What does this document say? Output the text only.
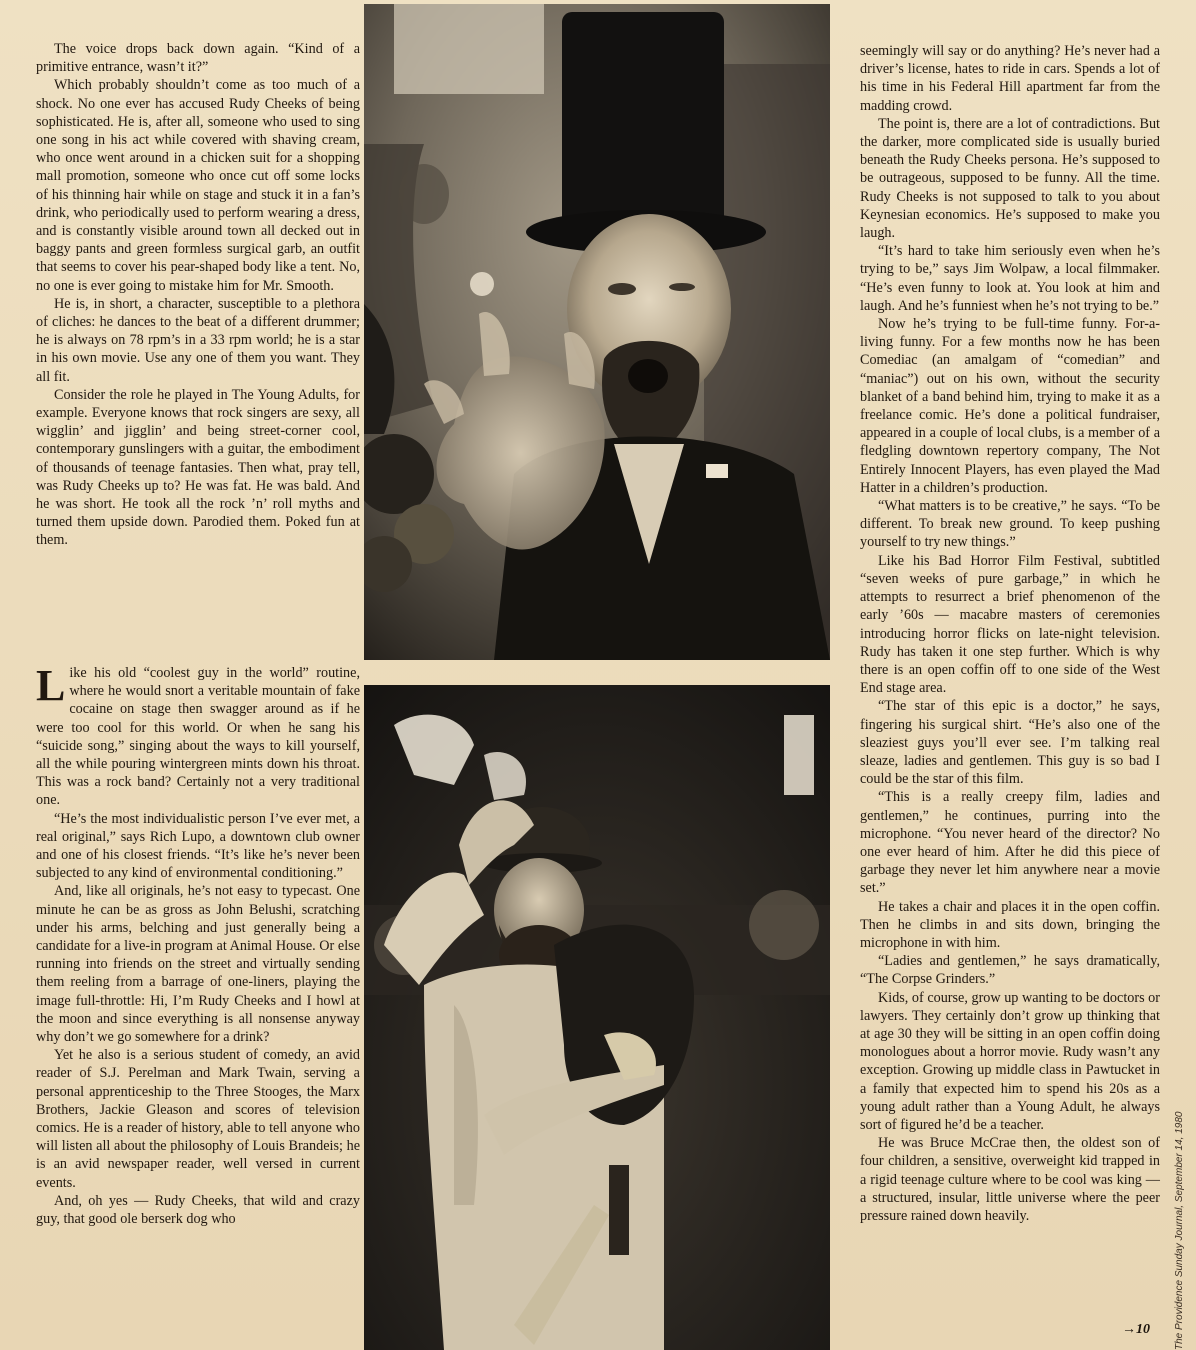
The voice drops back down again. “Kind of a primitive entrance, wasn’t it?”

Which probably shouldn’t come as too much of a shock. No one ever has accused Rudy Cheeks of being sophisticated. He is, after all, someone who used to sing one song in his act while covered with shaving cream, who once went around in a chicken suit for a shopping mall promotion, someone who once cut off some locks of his thinning hair while on stage and stuck it in a fan’s drink, who periodically used to perform wearing a dress, and is constantly visible around town all decked out in baggy pants and green formless surgical garb, an outfit that seems to cover his pear-shaped body like a tent. No, no one is ever going to mistake him for Mr. Smooth.

He is, in short, a character, susceptible to a plethora of cliches: he dances to the beat of a different drummer; he is always on 78 rpm’s in a 33 rpm world; he is a star in his own movie. Use any one of them you want. They all fit.

Consider the role he played in The Young Adults, for example. Everyone knows that rock singers are sexy, all wigglin’ and jigglin’ and being street-corner cool, contemporary gunslingers with a guitar, the embodiment of thousands of teenage fantasies. Then what, pray tell, was Rudy Cheeks up to? He was fat. He was bald. And he was short. He took all the rock ’n’ roll myths and turned them upside down. Parodied them. Poked fun at them.

Like his old “coolest guy in the world” routine, where he would snort a veritable mountain of fake cocaine on stage then swagger around as if he were too cool for this world. Or when he sang his “suicide song,” singing about the ways to kill yourself, all the while pouring wintergreen mints down his throat. This was a rock band? Certainly not a very traditional one.

“He’s the most individualistic person I’ve ever met, a real original,” says Rich Lupo, a downtown club owner and one of his closest friends. “It’s like he’s never been subjected to any kind of environmental conditioning.”

And, like all originals, he’s not easy to typecast. One minute he can be as gross as John Belushi, scratching under his arms, belching and just generally being a candidate for a live-in program at Animal House. Or else running into friends on the street and virtually sending them reeling from a barrage of one-liners, playing the image full-throttle: Hi, I’m Rudy Cheeks and I howl at the moon and since everything is all nonsense anyway why don’t we go somewhere for a drink?

Yet he also is a serious student of comedy, an avid reader of S.J. Perelman and Mark Twain, serving a personal apprenticeship to the Three Stooges, the Marx Brothers, Jackie Gleason and scores of television comics. He is a reader of history, able to tell anyone who will listen all about the philosophy of Louis Brandeis; he is an avid newspaper reader, well versed in current events.

And, oh yes — Rudy Cheeks, that wild and crazy guy, that good ole berserk dog who

seemingly will say or do anything? He’s never had a driver’s license, hates to ride in cars. Spends a lot of his time in his Federal Hill apartment far from the madding crowd.

The point is, there are a lot of contradictions. But the darker, more complicated side is usually buried beneath the Rudy Cheeks persona. He’s supposed to be outrageous, supposed to be funny. All the time. Rudy Cheeks is not supposed to talk to you about Keynesian economics. He’s supposed to make you laugh.

“It’s hard to take him seriously even when he’s trying to be,” says Jim Wolpaw, a local filmmaker. “He’s even funny to look at. You look at him and laugh. And he’s funniest when he’s not trying to be.”

Now he’s trying to be full-time funny. For-a-living funny. For a few months now he has been Comediac (an amalgam of “comedian” and “maniac”) out on his own, without the security blanket of a band behind him, trying to make it as a freelance comic. He’s done a political fundraiser, appeared in a couple of local clubs, is a member of a fledgling downtown repertory company, The Not Entirely Innocent Players, has even played the Mad Hatter in a children’s production.

“What matters is to be creative,” he says. “To be different. To break new ground. To keep pushing yourself to try new things.”

Like his Bad Horror Film Festival, subtitled “seven weeks of pure garbage,” in which he attempts to resurrect a brief phenomenon of the early ’60s — macabre masters of ceremonies introducing horror flicks on late-night television. Rudy has taken it one step further. Which is why there is an open coffin off to one side of the West End stage area.

“The star of this epic is a doctor,” he says, fingering his surgical shirt. “He’s also one of the sleaziest guys you’ll ever see. I’m talking real sleaze, ladies and gentlemen. This guy is so bad I could be the star of this film.

“This is a really creepy film, ladies and gentlemen,” he continues, purring into the microphone. “You never heard of the director? No one ever heard of him. After he did this piece of garbage they never let him anywhere near a movie set.”

He takes a chair and places it in the open coffin. Then he climbs in and sits down, bringing the microphone in with him.

“Ladies and gentlemen,” he says dramatically, “The Corpse Grinders.”

Kids, of course, grow up wanting to be doctors or lawyers. They certainly don’t grow up thinking that at age 30 they will be sitting in an open coffin doing monologues about a horror movie. Rudy wasn’t any exception. Growing up middle class in Pawtucket in a family that expected him to spend his 20s as a young adult rather than a Young Adult, he always sort of figured he’d be a teacher.

He was Bruce McCrae then, the oldest son of four children, a sensitive, overweight kid trapped in a rigid teenage culture where to be cool was king — a structured, insular, little universe where the peer pressure rained down heavily.

→10 The Providence Sunday Journal, September 14, 1980
